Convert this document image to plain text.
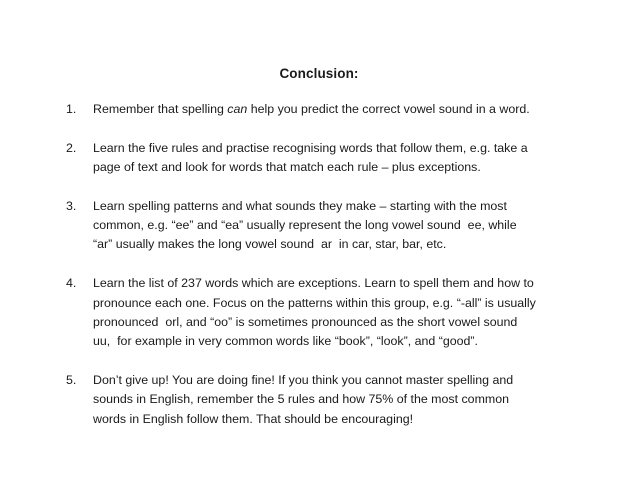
Conclusion:
1. Remember that spelling can help you predict the correct vowel sound in a word.
2. Learn the five rules and practise recognising words that follow them, e.g. take a
page of text and look for words that match each rule – plus exceptions.
3. Learn spelling patterns and what sounds they make – starting with the most
common, e.g. “ee” and “ea” usually represent the long vowel sound  ee, while
“ar” usually makes the long vowel sound  ar  in car, star, bar, etc.
4. Learn the list of 237 words which are exceptions. Learn to spell them and how to
pronounce each one. Focus on the patterns within this group, e.g. “-all” is usually
pronounced  orl, and “oo” is sometimes pronounced as the short vowel sound
uu,  for example in very common words like “book”, “look”, and “good”.
5. Don’t give up! You are doing fine! If you think you cannot master spelling and
sounds in English, remember the 5 rules and how 75% of the most common
words in English follow them. That should be encouraging!
